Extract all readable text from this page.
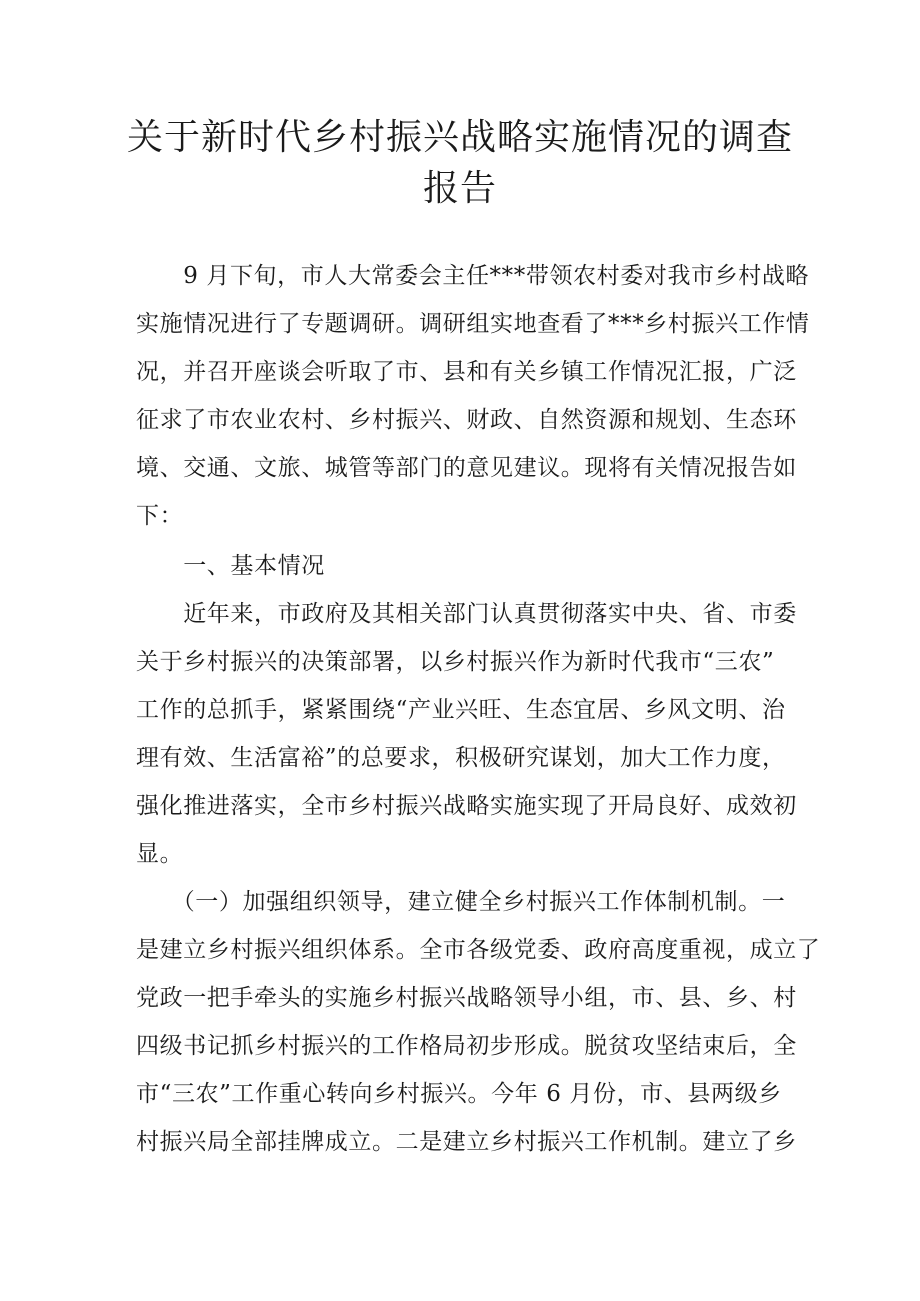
关于新时代乡村振兴战略实施情况的调查
报告

　　9 月下旬，市人大常委会主任***带领农村委对我市乡村战略
实施情况进行了专题调研。调研组实地查看了***乡村振兴工作情
况，并召开座谈会听取了市、县和有关乡镇工作情况汇报，广泛
征求了市农业农村、乡村振兴、财政、自然资源和规划、生态环
境、交通、文旅、城管等部门的意见建议。现将有关情况报告如
下：

　　一、基本情况

　　近年来，市政府及其相关部门认真贯彻落实中央、省、市委
关于乡村振兴的决策部署，以乡村振兴作为新时代我市“三农”
工作的总抓手，紧紧围绕“产业兴旺、生态宜居、乡风文明、治
理有效、生活富裕”的总要求，积极研究谋划，加大工作力度，
强化推进落实，全市乡村振兴战略实施实现了开局良好、成效初
显。

　　（一）加强组织领导，建立健全乡村振兴工作体制机制。一
是建立乡村振兴组织体系。全市各级党委、政府高度重视，成立了
党政一把手牵头的实施乡村振兴战略领导小组，市、县、乡、村
四级书记抓乡村振兴的工作格局初步形成。脱贫攻坚结束后，全
市“三农”工作重心转向乡村振兴。今年 6 月份，市、县两级乡
村振兴局全部挂牌成立。二是建立乡村振兴工作机制。建立了乡
